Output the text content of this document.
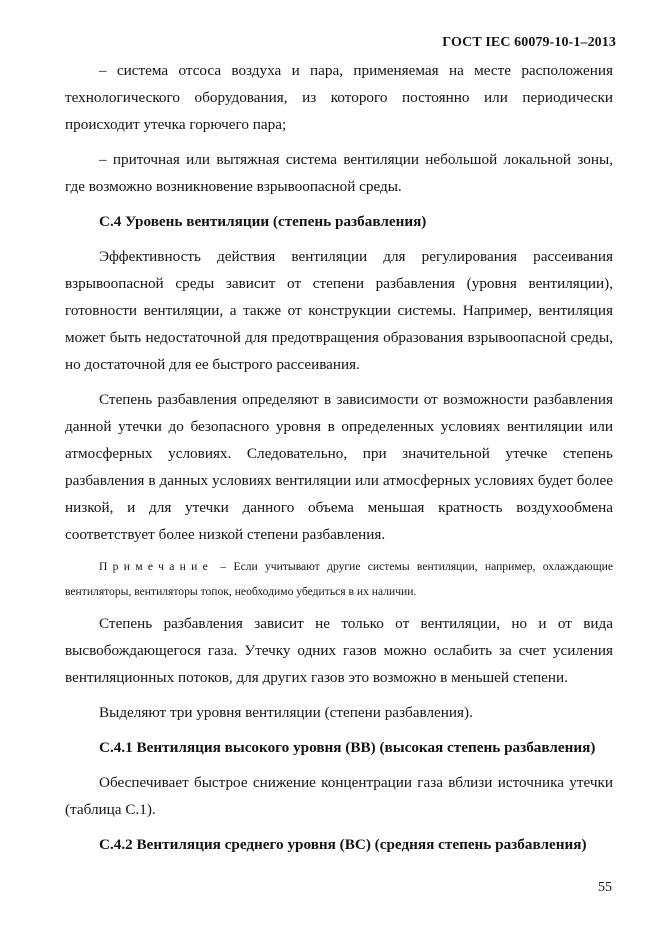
ГОСТ IEC 60079-10-1–2013

– система отсоса воздуха и пара, применяемая на месте расположения технологического оборудования, из которого постоянно или периодически происходит утечка горючего пара;

– приточная или вытяжная система вентиляции небольшой локальной зоны, где возможно возникновение взрывоопасной среды.

С.4 Уровень вентиляции (степень разбавления)

Эффективность действия вентиляции для регулирования рассеивания взрывоопасной среды зависит от степени разбавления (уровня вентиляции), готовности вентиляции, а также от конструкции системы. Например, вентиляция может быть недостаточной для предотвращения образования взрывоопасной среды, но достаточной для ее быстрого рассеивания.

Степень разбавления определяют в зависимости от возможности разбавления данной утечки до безопасного уровня в определенных условиях вентиляции или атмосферных условиях. Следовательно, при значительной утечке степень разбавления в данных условиях вентиляции или атмосферных условиях будет более низкой, и для утечки данного объема меньшая кратность воздухообмена соответствует более низкой степени разбавления.

Примечание – Если учитывают другие системы вентиляции, например, охлаждающие вентиляторы, вентиляторы топок, необходимо убедиться в их наличии.

Степень разбавления зависит не только от вентиляции, но и от вида высвобождающегося газа. Утечку одних газов можно ослабить за счет усиления вентиляционных потоков, для других газов это возможно в меньшей степени.

Выделяют три уровня вентиляции (степени разбавления).

С.4.1 Вентиляция высокого уровня (ВВ) (высокая степень разбавления)

Обеспечивает быстрое снижение концентрации газа вблизи источника утечки (таблица С.1).

С.4.2 Вентиляция среднего уровня (ВС) (средняя степень разбавления)

55
